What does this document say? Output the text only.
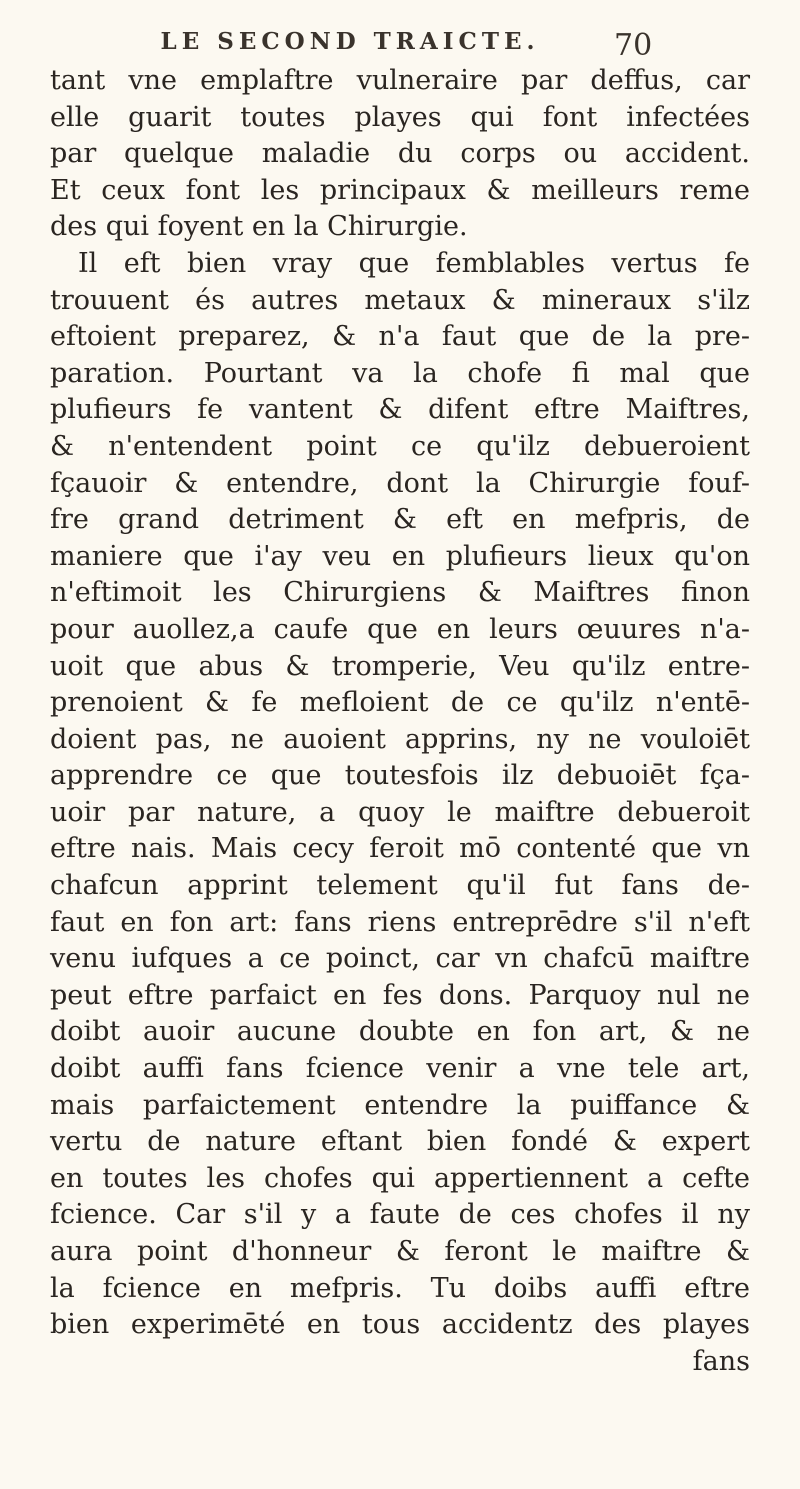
LE SECOND TRAICTE. 70
tant vne emplaftre vulneraire par deffus, car
elle guarit toutes playes qui font infectées
par quelque maladie du corps ou accident.
Et ceux font les principaux & meilleurs reme
des qui foyent en la Chirurgie.
Il eft bien vray que femblables vertus fe
trouuent és autres metaux & mineraux s'ilz
eftoient preparez, & n'a faut que de la pre-
paration. Pourtant va la chofe fi mal que
plufieurs fe vantent & difent eftre Maiftres,
& n'entendent point ce qu'ilz debueroient
fçauoir & entendre, dont la Chirurgie fouf-
fre grand detriment & eft en mefpris, de
maniere que i'ay veu en plufieurs lieux qu'on
n'eftimoit les Chirurgiens & Maiftres finon
pour auollez,a caufe que en leurs œuures n'a-
uoit que abus & tromperie, Veu qu'ilz entre-
prenoient & fe mefloient de ce qu'ilz n'entē-
doient pas, ne auoient apprins, ny ne vouloiēt
apprendre ce que toutesfois ilz debuoiēt fça-
uoir par nature, a quoy le maiftre debueroit
eftre nais. Mais cecy feroit mō contenté que vn
chafcun apprint telement qu'il fut fans de-
faut en fon art: fans riens entreprēdre s'il n'eft
venu iufques a ce poinct, car vn chafcū maiftre
peut eftre parfaict en fes dons. Parquoy nul ne
doibt auoir aucune doubte en fon art, & ne
doibt auffi fans fcience venir a vne tele art,
mais parfaictement entendre la puiffance &
vertu de nature eftant bien fondé & expert
en toutes les chofes qui appertiennent a cefte
fcience. Car s'il y a faute de ces chofes il ny
aura point d'honneur & feront le maiftre &
la fcience en mefpris. Tu doibs auffi eftre
bien experimēté en tous accidentz des playes
fans
